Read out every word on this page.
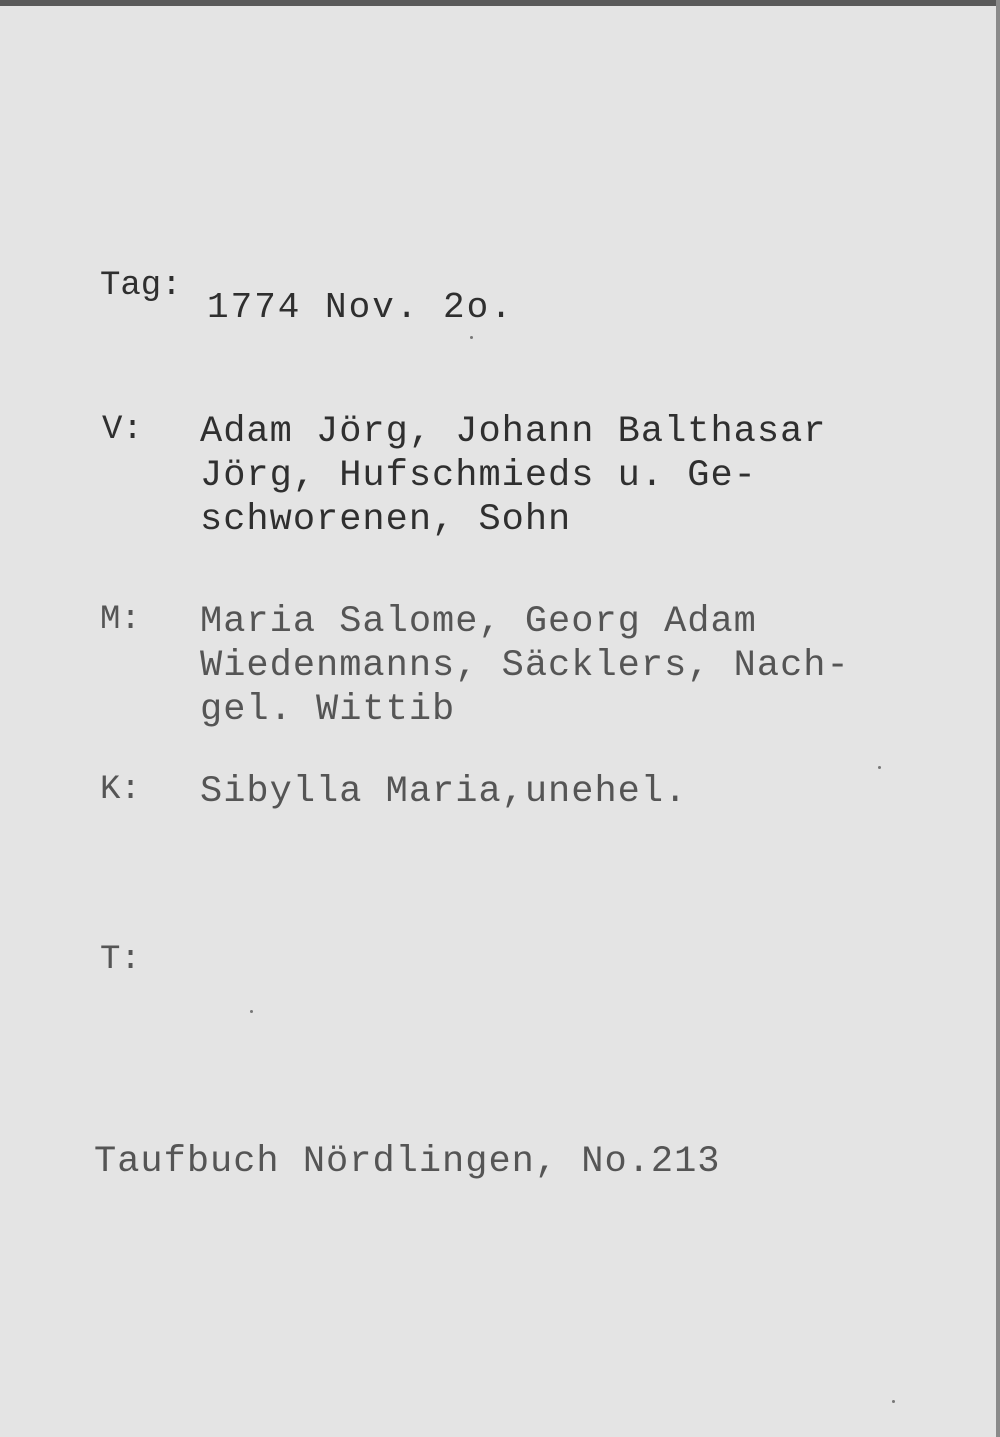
Tag:
1774 Nov. 2o.
V: Adam Jörg, Johann Balthasar
Jörg, Hufschmieds u. Ge-
schworenen, Sohn
M: Maria Salome, Georg Adam
Wiedenmanns, Säcklers, Nach-
gel. Wittib
K: Sibylla Maria,unehel.
T:
Taufbuch Nördlingen, No.213
